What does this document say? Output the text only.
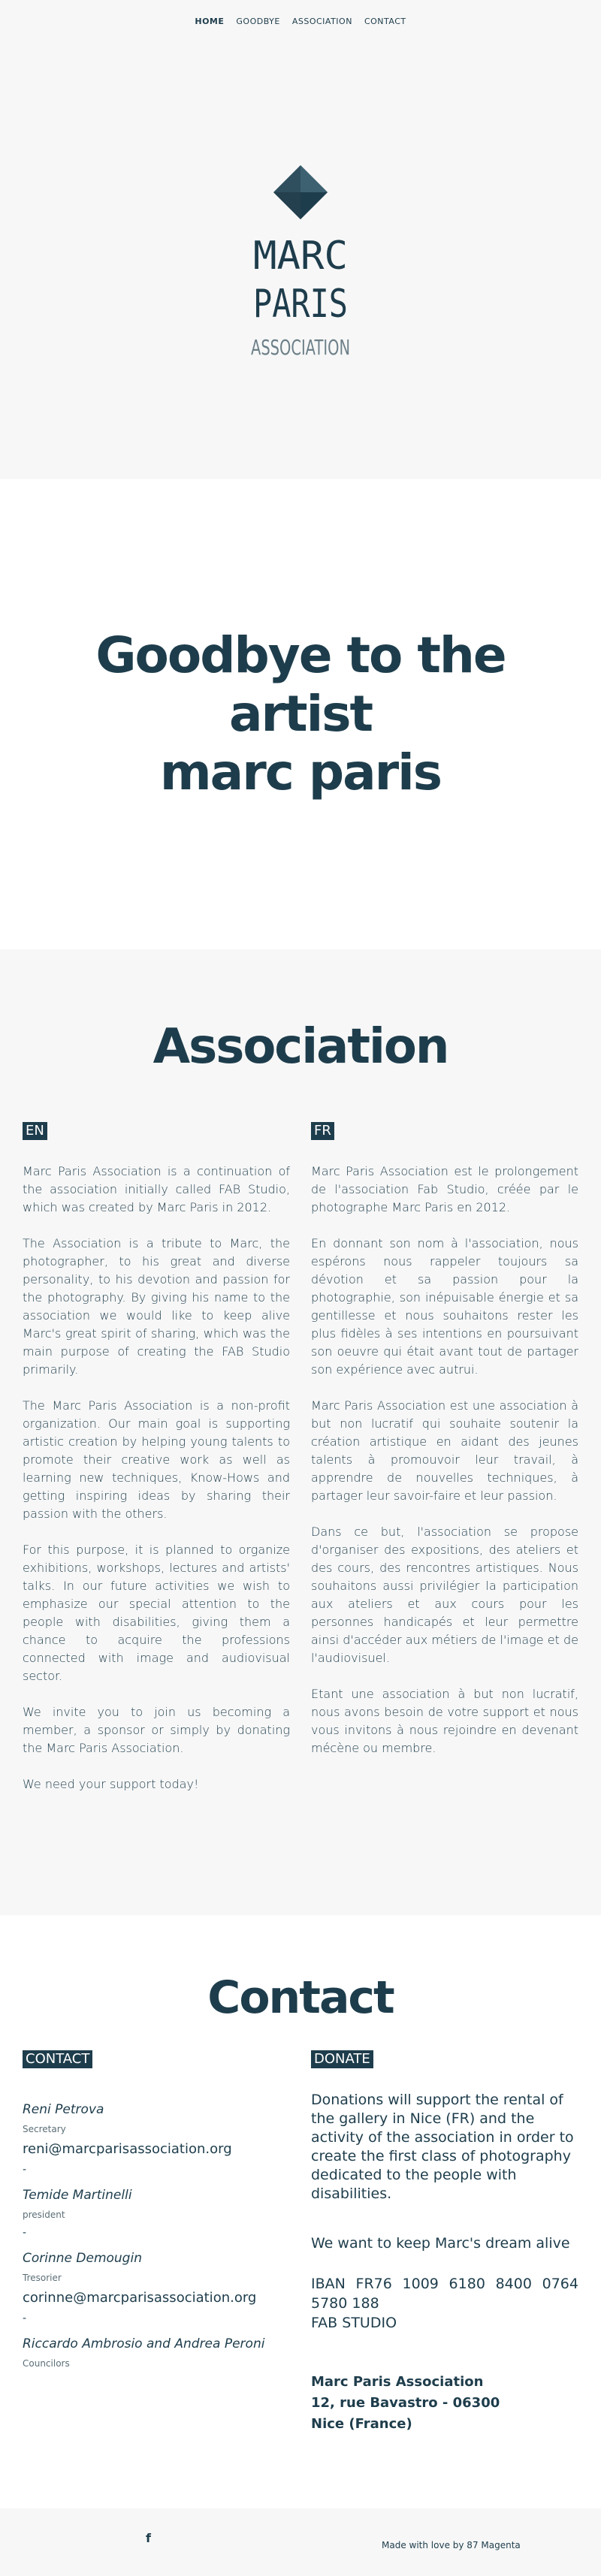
HOME	GOODBYE	ASSOCIATION	CONTACT
MARC
PARIS
ASSOCIATION
Goodbye to the artist
marc paris
Association
EN

Marc Paris Association is a continuation of the association initially called FAB Studio, which was created by Marc Paris in 2012.

The Association is a tribute to Marc, the photographer, to his great and diverse personality, to his devotion and passion for the photography. By giving his name to the association we would like to keep alive Marc's great spirit of sharing, which was the main purpose of creating the FAB Studio primarily.

The Marc Paris Association is a non-profit organization. Our main goal is supporting artistic creation by helping young talents to promote their creative work as well as learning new techniques, Know-Hows and getting inspiring ideas by sharing their passion with the others.

For this purpose, it is planned to organize exhibitions, workshops, lectures and artists' talks. In our future activities we wish to emphasize our special attention to the people with disabilities, giving them a chance to acquire the professions connected with image and audiovisual sector.

We invite you to join us becoming a member, a sponsor or simply by donating the Marc Paris Association.

We need your support today!

FR

Marc Paris Association est le prolongement de l'association Fab Studio, créée par le photographe Marc Paris en 2012.

En donnant son nom à l'association, nous espérons nous rappeler toujours sa dévotion et sa passion pour la photographie, son inépuisable énergie et sa gentillesse et nous souhaitons rester les plus fidèles à ses intentions en poursuivant son oeuvre qui était avant tout de partager son expérience avec autrui.

Marc Paris Association est une association à but non lucratif qui souhaite soutenir la création artistique en aidant des jeunes talents à promouvoir leur travail, à apprendre de nouvelles techniques, à partager leur savoir-faire et leur passion.

Dans ce but, l'association se propose d'organiser des expositions, des ateliers et des cours, des rencontres artistiques. Nous souhaitons aussi privilégier la participation aux ateliers et aux cours pour les personnes handicapés et leur permettre ainsi d'accéder aux métiers de l'image et de l'audiovisuel.

Etant une association à but non lucratif, nous avons besoin de votre support et nous vous invitons à nous rejoindre en devenant mécène ou membre.

Contact
CONTACT
Reni Petrova
Secretary
reni@marcparisassociation.org
-
Temide Martinelli
president
-
Corinne Demougin
Tresorier
corinne@marcparisassociation.org
-
Riccardo Ambrosio and Andrea Peroni
Councilors
DONATE

Donations will support the rental of the gallery in Nice (FR) and the activity of the association in order to create the first class of photography dedicated to the people with disabilities.

We want to keep Marc's dream alive

IBAN FR76 1009 6180 8400 0764 5780 188

FAB STUDIO

Marc Paris Association
12, rue Bavastro - 06300
Nice (France)
f	Made with love by 87 Magenta
